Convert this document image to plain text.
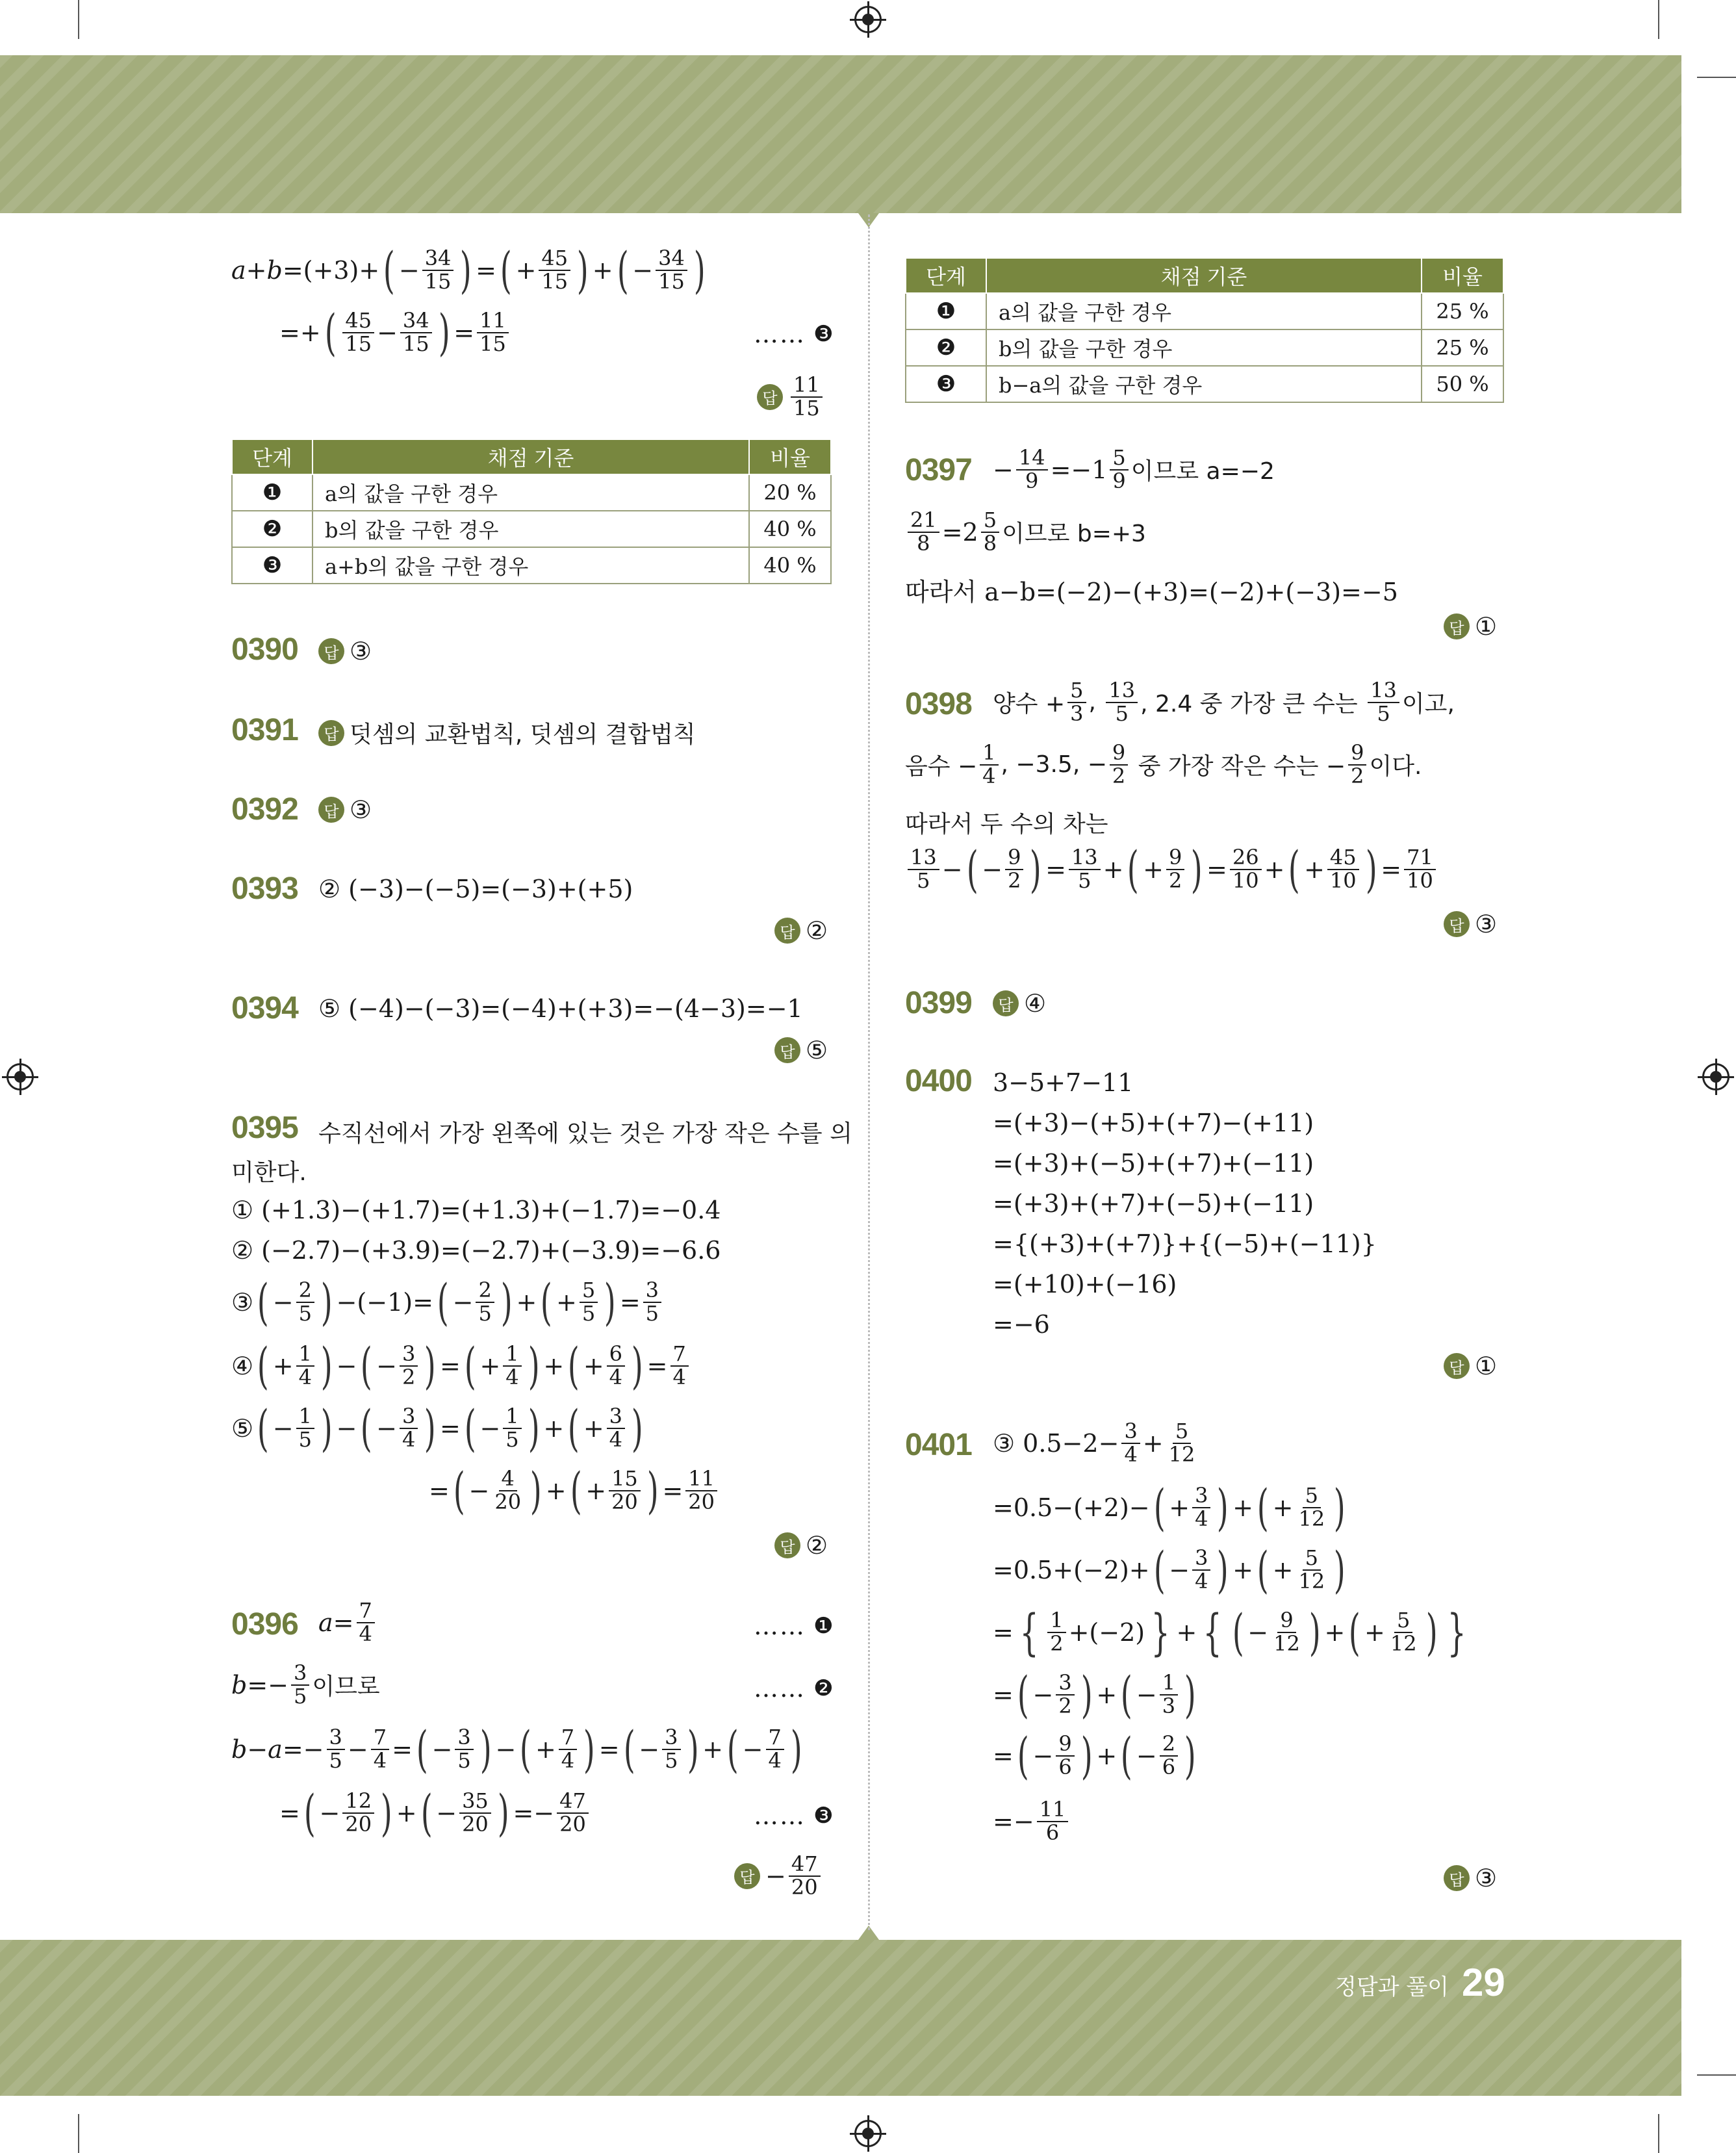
정답과 풀이 29
a + b =(+3)+ ( − $\frac{34}{15}$ ) = ( + $\frac{45}{15}$ ) + ( − $\frac{34}{15}$ )
=+ ( $\frac{45}{15} - \frac{34}{15}$ ) = $\frac{11}{15}$	……
❸
답 $\frac{11}{15}$
단계	채점 기준	비율
❶	a의 값을 구한 경우	20 %
❷	b의 값을 구한 경우	40 %
❸	a+b의 값을 구한 경우	40 %
0390	답 ③
0391	답 덧셈의 교환법칙, 덧셈의 결합법칙
0392	답 ③
0393 ② (−3)−(−5)=(−3)+(+5)
답 ②
0394 ⑤ (−4)−(−3)=(−4)+(+3)=−(4−3)=−1
답 ⑤
0395 수직선에서 가장 왼쪽에 있는 것은 가장 작은 수를 의
미한다.
① (+1.3)−(+1.7)=(+1.3)+(−1.7)=−0.4
② (−2.7)−(+3.9)=(−2.7)+(−3.9)=−6.6
③ ( − $\frac{2}{5}$ ) −(−1)= ( − $\frac{2}{5}$ ) + ( + $\frac{5}{5}$ ) = $\frac{3}{5}$
④ ( + $\frac{1}{4}$ ) − ( − $\frac{3}{2}$ ) = ( + $\frac{1}{4}$ ) + ( + $\frac{6}{4}$ ) = $\frac{7}{4}$
⑤ ( − $\frac{1}{5}$ ) − ( − $\frac{3}{4}$ ) = ( − $\frac{1}{5}$ ) + ( + $\frac{3}{4}$ )
= ( − $\frac{4}{20}$ ) + ( + $\frac{15}{20}$ ) = $\frac{11}{20}$
답 ②
0396 $a = \frac{7}{4}$	……
❶
$b =- \frac{3}{5}$ 이므로	……
❷
$b - a =- \frac{3}{5} - \frac{7}{4}$ = ( − $\frac{3}{5}$ ) − ( + $\frac{7}{4}$ ) = ( − $\frac{3}{5}$ ) + ( − $\frac{7}{4}$ )
= ( − $\frac{12}{20}$ ) + ( − $\frac{35}{20}$ ) =− $\frac{47}{20}$	……
❸
답 − $\frac{47}{20}$
단계	채점 기준	비율
❶	a의 값을 구한 경우	25 %
❷	b의 값을 구한 경우	25 %
❸	b−a의 값을 구한 경우	50 %
$0397 - \frac{14}{9} =-1 \frac{5}{9}$ 이므로 a=−2
$\frac{21}{8} =2 \frac{5}{8}$ 이므로 b=+3
따라서 a−b=(−2)−(+3)=(−2)+(−3)=−5
답 ①
0398 양수 + $\frac{5}{3}$ , $\frac{13}{5}$ , 2.4 중 가장 큰 수는
$\frac{13}{5}$ 이고,
음수 − $\frac{1}{4}$ , −3.5, − $\frac{9}{2}$
중 가장 작은 수는 − $\frac{9}{2}$ 이다.
따라서 두 수의 차는
$\frac{13}{5}$ − ( − $\frac{9}{2}$ ) = $\frac{13}{5}$ + ( + $\frac{9}{2}$ ) = $\frac{26}{10}$ + ( + $\frac{45}{10}$ ) = $\frac{71}{10}$
답 ③
0399	답 ④
0400 3−5+7−11
=(+3)−(+5)+(+7)−(+11)
=(+3)+(−5)+(+7)+(−11)
=(+3)+(+7)+(−5)+(−11)
={(+3)+(+7)}+{(−5)+(−11)}
=(+10)+(−16)
=−6
답 ①
0401 ③ $0.5-2- \frac{3}{4} + \frac{5}{12}$
=0.5−(+2)− ( + $\frac{3}{4}$ ) + ( + $\frac{5}{12}$ )
=0.5+(−2)+ ( − $\frac{3}{4}$ ) + ( + $\frac{5}{12}$ )
= { $\frac{1}{2} +(-2)$ } + { ( − $\frac{9}{12}$ ) + ( + $\frac{5}{12}$ ) }
= ( − $\frac{3}{2}$ ) + ( − $\frac{1}{3}$ )
= ( − $\frac{9}{6}$ ) + ( − $\frac{2}{6}$ )
=− $\frac{11}{6}$
답 ③
